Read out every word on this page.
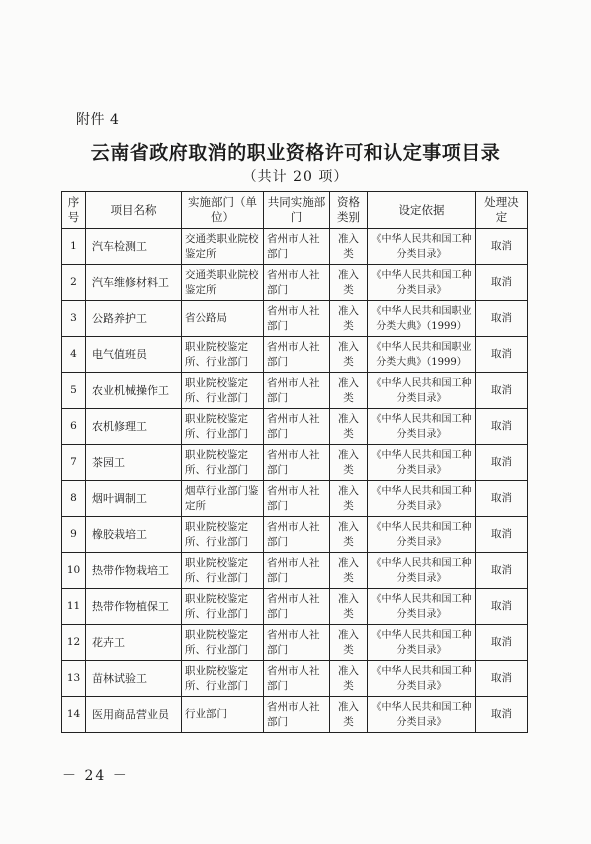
附件 4
云南省政府取消的职业资格许可和认定事项目录
（共计 20 项）
序号	项目名称	实施部门（单位）	共同实施部门	资格类别	设定依据	处理决定
1	汽车检测工	交通类职业院校鉴定所	省州市人社部门	准入类	《中华人民共和国工种分类目录》	取消
2	汽车维修材料工	交通类职业院校鉴定所	省州市人社部门	准入类	《中华人民共和国工种分类目录》	取消
3	公路养护工	省公路局	省州市人社部门	准入类	《中华人民共和国职业分类大典》（1999）	取消
4	电气值班员	职业院校鉴定所、行业部门	省州市人社部门	准入类	《中华人民共和国职业分类大典》（1999）	取消
5	农业机械操作工	职业院校鉴定所、行业部门	省州市人社部门	准入类	《中华人民共和国工种分类目录》	取消
6	农机修理工	职业院校鉴定所、行业部门	省州市人社部门	准入类	《中华人民共和国工种分类目录》	取消
7	茶园工	职业院校鉴定所、行业部门	省州市人社部门	准入类	《中华人民共和国工种分类目录》	取消
8	烟叶调制工	烟草行业部门鉴定所	省州市人社部门	准入类	《中华人民共和国工种分类目录》	取消
9	橡胶栽培工	职业院校鉴定所、行业部门	省州市人社部门	准入类	《中华人民共和国工种分类目录》	取消
10	热带作物栽培工	职业院校鉴定所、行业部门	省州市人社部门	准入类	《中华人民共和国工种分类目录》	取消
11	热带作物植保工	职业院校鉴定所、行业部门	省州市人社部门	准入类	《中华人民共和国工种分类目录》	取消
12	花卉工	职业院校鉴定所、行业部门	省州市人社部门	准入类	《中华人民共和国工种分类目录》	取消
13	苗林试验工	职业院校鉴定所、行业部门	省州市人社部门	准入类	《中华人民共和国工种分类目录》	取消
14	医用商品营业员	行业部门	省州市人社部门	准入类	《中华人民共和国工种分类目录》	取消
－ 24 －
